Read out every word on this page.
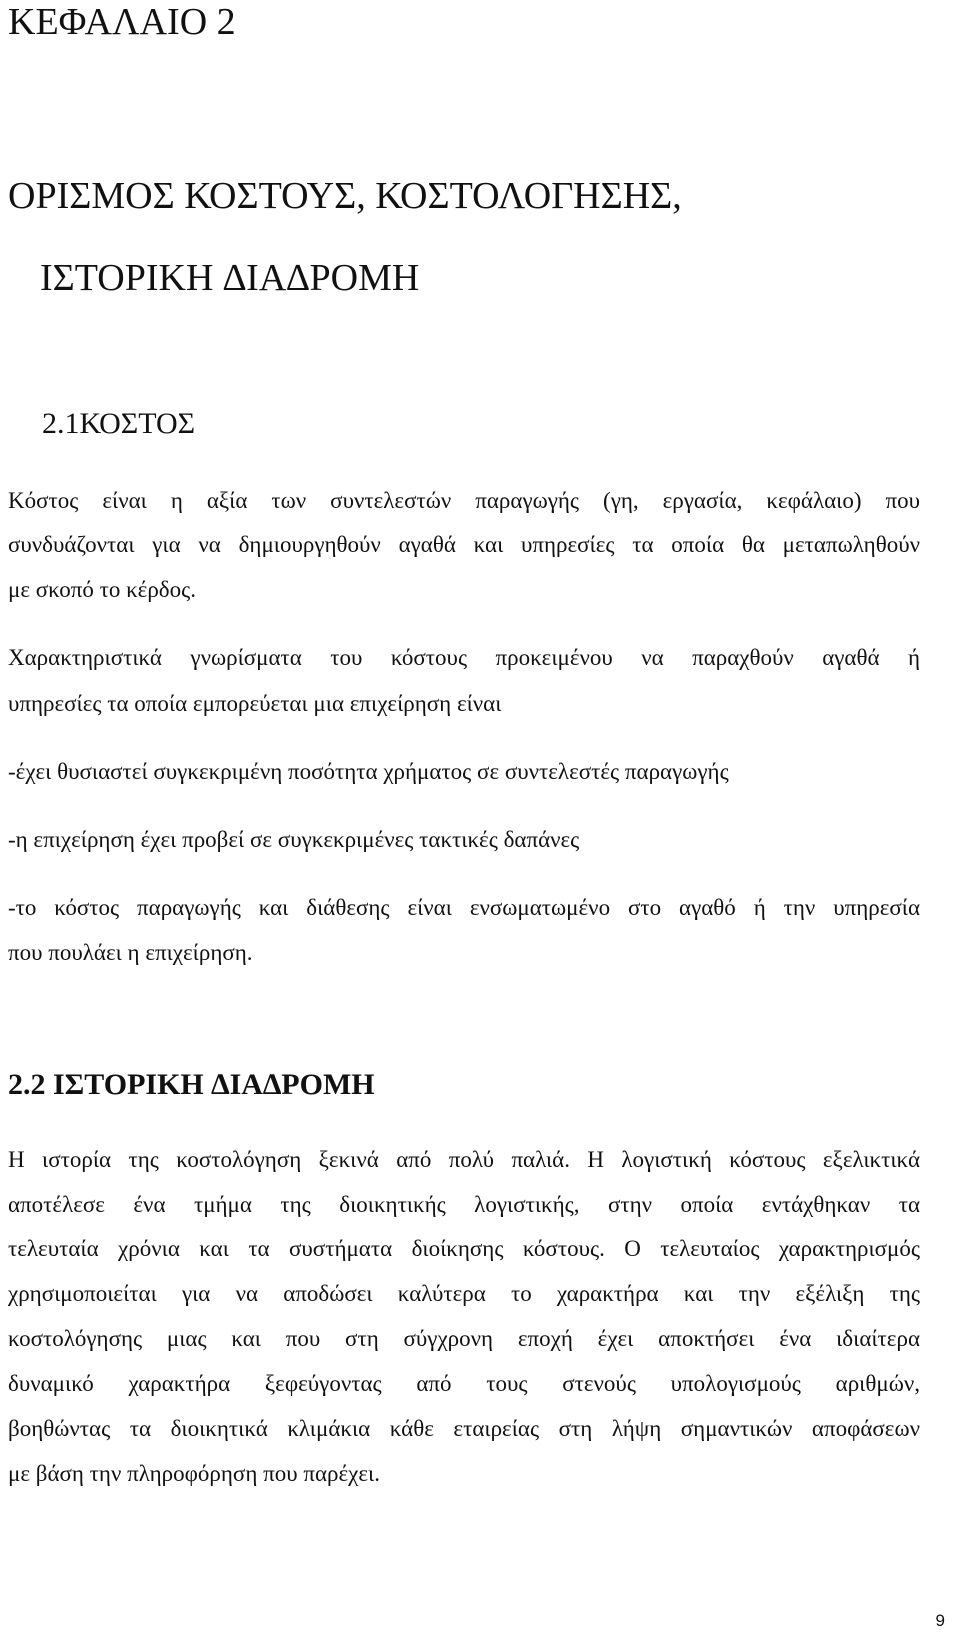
ΚΕΦΑΛΑΙΟ 2
ΟΡΙΣΜΟΣ ΚΟΣΤΟΥΣ, ΚΟΣΤΟΛΟΓΗΣΗΣ,
ΙΣΤΟΡΙΚΗ ∆ΙΑ∆ΡΟΜΗ
2.1ΚΟΣΤΟΣ
Κόστος είναι η αξία των συντελεστών παραγωγής (γη, εργασία, κεφάλαιο) που
συνδυάζονται για να δημιουργηθούν αγαθά και υπηρεσίες τα οποία θα μεταπωληθούν
με σκοπό το κέρδος.
Χαρακτηριστικά γνωρίσματα του κόστους προκειμένου να παραχθούν αγαθά ή
υπηρεσίες τα οποία εμπορεύεται μια επιχείρηση είναι
-έχει θυσιαστεί συγκεκριμένη ποσότητα χρήματος σε συντελεστές παραγωγής
-η επιχείρηση έχει προβεί σε συγκεκριμένες τακτικές δαπάνες
-το κόστος παραγωγής και διάθεσης είναι ενσωματωμένο στο αγαθό ή την υπηρεσία
που πουλάει η επιχείρηση.
2.2 ΙΣΤΟΡΙΚΗ ∆ΙΑ∆ΡΟΜΗ
Η ιστορία της κοστολόγηση ξεκινά από πολύ παλιά. Η λογιστική κόστους εξελικτικά
αποτέλεσε ένα τμήμα της διοικητικής λογιστικής, στην οποία εντάχθηκαν τα
τελευταία χρόνια και τα συστήματα διοίκησης κόστους. Ο τελευταίος χαρακτηρισμός
χρησιμοποιείται για να αποδώσει καλύτερα το χαρακτήρα και την εξέλιξη της
κοστολόγησης μιας και που στη σύγχρονη εποχή έχει αποκτήσει ένα ιδιαίτερα
δυναμικό χαρακτήρα ξεφεύγοντας από τους στενούς υπολογισμούς αριθμών,
βοηθώντας τα διοικητικά κλιμάκια κάθε εταιρείας στη λήψη σημαντικών αποφάσεων
με βάση την πληροφόρηση που παρέχει.
9
